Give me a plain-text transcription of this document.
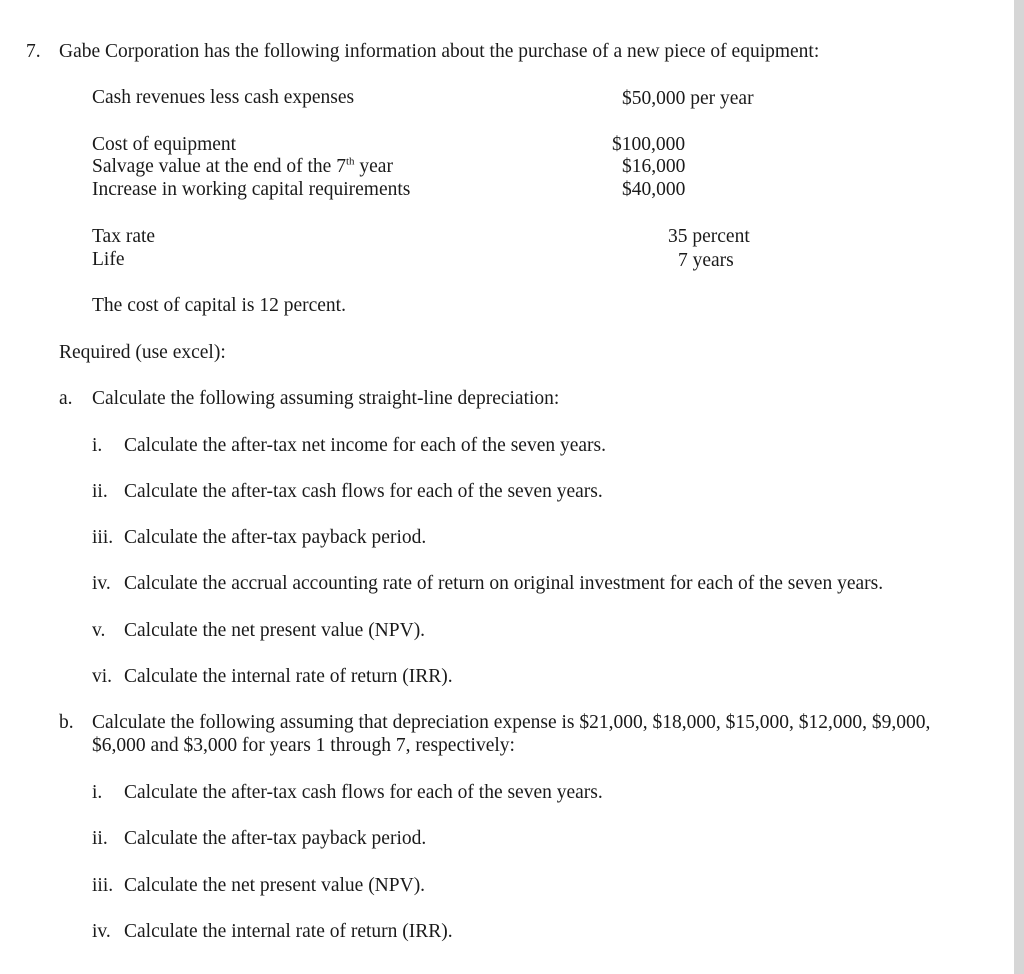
7. Gabe Corporation has the following information about the purchase of a new piece of equipment:
Cash revenues less cash expenses	$50,000 per year
Cost of equipment	$100,000
Salvage value at the end of the 7th year	$16,000
Increase in working capital requirements	$40,000
Tax rate	35 percent
Life	7 years
The cost of capital is 12 percent.
Required (use excel):
a. Calculate the following assuming straight-line depreciation:
i. Calculate the after-tax net income for each of the seven years.
ii. Calculate the after-tax cash flows for each of the seven years.
iii. Calculate the after-tax payback period.
iv. Calculate the accrual accounting rate of return on original investment for each of the seven years.
v. Calculate the net present value (NPV).
vi. Calculate the internal rate of return (IRR).
b. Calculate the following assuming that depreciation expense is $21,000, $18,000, $15,000, $12,000, $9,000,
$6,000 and $3,000 for years 1 through 7, respectively:
i. Calculate the after-tax cash flows for each of the seven years.
ii. Calculate the after-tax payback period.
iii. Calculate the net present value (NPV).
iv. Calculate the internal rate of return (IRR).
